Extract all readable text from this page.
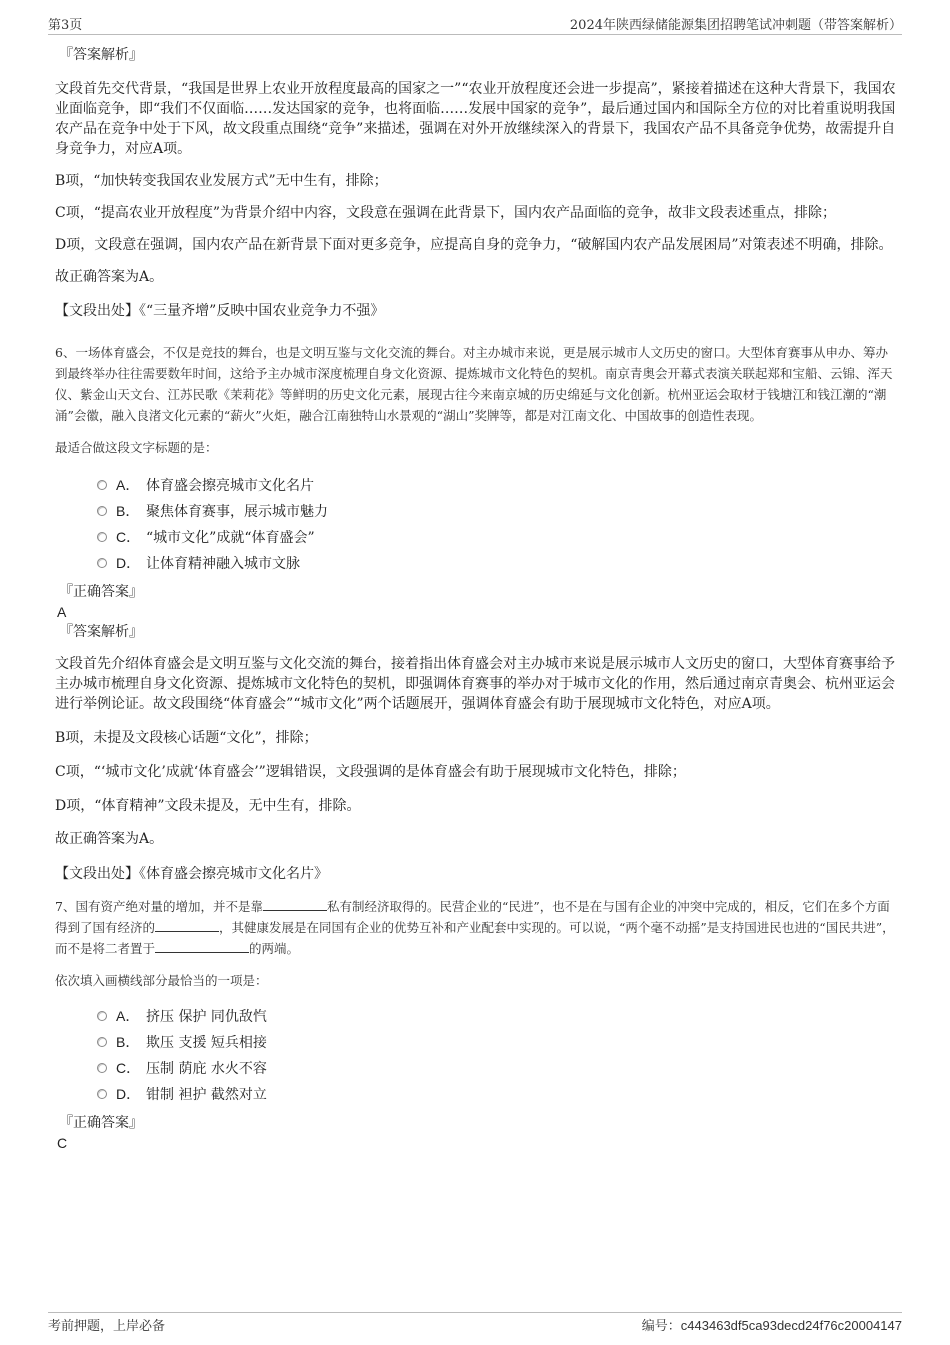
第3页	2024年陕西绿储能源集团招聘笔试冲刺题（带答案解析）

『答案解析』

文段首先交代背景，“我国是世界上农业开放程度最高的国家之一”“农业开放程度还会进一步提高”，紧接着描述在这种大背景下，我国农业面临竞争，即“我们不仅面临……发达国家的竞争，也将面临……发展中国家的竞争”，最后通过国内和国际全方位的对比着重说明我国农产品在竞争中处于下风，故文段重点围绕“竞争”来描述，强调在对外开放继续深入的背景下，我国农产品不具备竞争优势，故需提升自身竞争力，对应A项。

B项，“加快转变我国农业发展方式”无中生有，排除；

C项，“提高农业开放程度”为背景介绍中内容，文段意在强调在此背景下，国内农产品面临的竞争，故非文段表述重点，排除；

D项，文段意在强调，国内农产品在新背景下面对更多竞争，应提高自身的竞争力，“破解国内农产品发展困局”对策表述不明确，排除。

故正确答案为A。

【文段出处】《“三量齐增”反映中国农业竞争力不强》

6、一场体育盛会，不仅是竞技的舞台，也是文明互鉴与文化交流的舞台。对主办城市来说，更是展示城市人文历史的窗口。大型体育赛事从申办、筹办到最终举办往往需要数年时间，这给予主办城市深度梳理自身文化资源、提炼城市文化特色的契机。南京青奥会开幕式表演关联起郑和宝船、云锦、浑天仪、紫金山天文台、江苏民歌《茉莉花》等鲜明的历史文化元素，展现古往今来南京城的历史绵延与文化创新。杭州亚运会取材于钱塘江和钱江潮的“潮涌”会徽，融入良渚文化元素的“薪火”火炬，融合江南独特山水景观的“湖山”奖牌等，都是对江南文化、中国故事的创造性表现。

最适合做这段文字标题的是：

A． 体育盛会擦亮城市文化名片
B． 聚焦体育赛事，展示城市魅力
C． “城市文化”成就“体育盛会”
D． 让体育精神融入城市文脉

『正确答案』

A

『答案解析』

文段首先介绍体育盛会是文明互鉴与文化交流的舞台，接着指出体育盛会对主办城市来说是展示城市人文历史的窗口，大型体育赛事给予主办城市梳理自身文化资源、提炼城市文化特色的契机，即强调体育赛事的举办对于城市文化的作用，然后通过南京青奥会、杭州亚运会进行举例论证。故文段围绕“体育盛会”“城市文化”两个话题展开，强调体育盛会有助于展现城市文化特色，对应A项。

B项，未提及文段核心话题“文化”，排除；

C项，“‘城市文化’成就‘体育盛会’”逻辑错误，文段强调的是体育盛会有助于展现城市文化特色，排除；

D项，“体育精神”文段未提及，无中生有，排除。

故正确答案为A。

【文段出处】《体育盛会擦亮城市文化名片》

7、国有资产绝对量的增加，并不是靠	私有制经济取得的。民营企业的“民进”，也不是在与国有企业的冲突中完成的，相反，它们在多个方面得到了国有经济的	，其健康发展是在同国有企业的优势互补和产业配套中实现的。可以说，“两个毫不动摇”是支持国进民也进的“国民共进”，而不是将二者置于	的两端。

依次填入画横线部分最恰当的一项是：

A． 挤压 保护 同仇敌忾
B． 欺压 支援 短兵相接
C． 压制 荫庇 水火不容
D． 钳制 袒护 截然对立

『正确答案』

C

考前押题，上岸必备	编号：c443463df5ca93decd24f76c20004147
